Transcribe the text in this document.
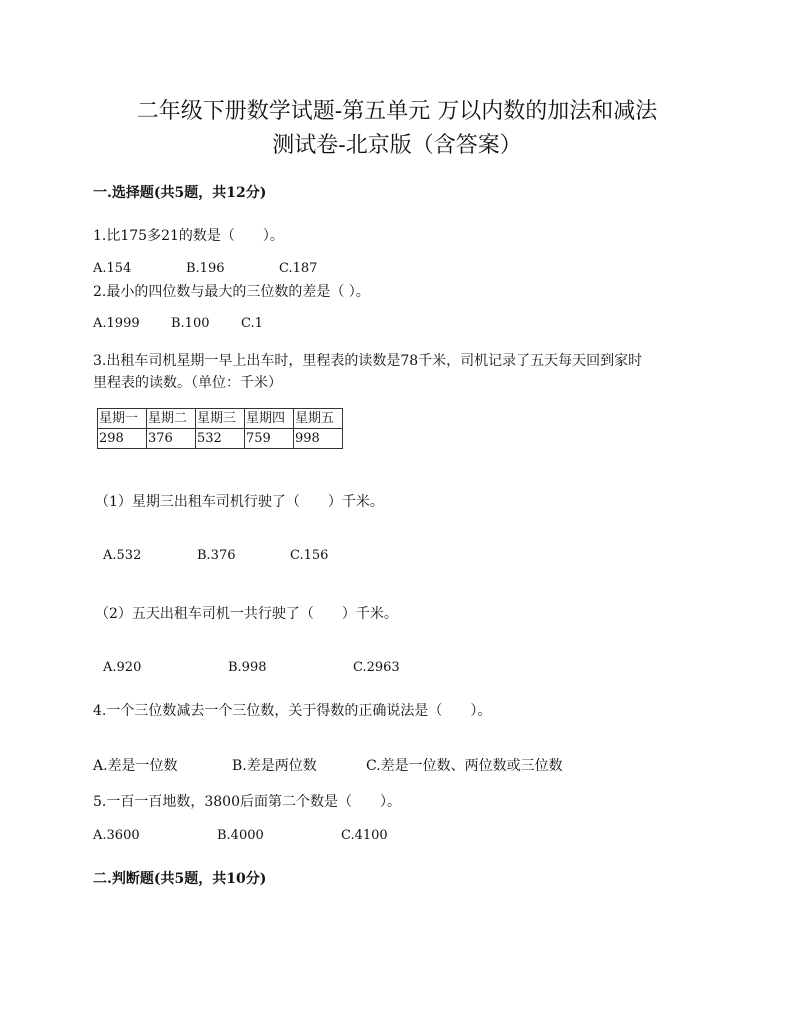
二年级下册数学试题-第五单元 万以内数的加法和减法
测试卷-北京版（含答案）
一.选择题(共5题，共12分)
1.比175多21的数是（　　）。
A.154	B.196	C.187
2.最小的四位数与最大的三位数的差是（ ）。
A.1999 B.100 C.1
3.出租车司机星期一早上出车时，里程表的读数是78千米，司机记录了五天每天回到家时
里程表的读数。（单位：千米）
星期一	星期二	星期三	星期四	星期五
298	376	532	759	998
（1）星期三出租车司机行驶了（　　）千米。
A.532	B.376	C.156
（2）五天出租车司机一共行驶了（　　）千米。
A.920	B.998	C.2963
4.一个三位数减去一个三位数，关于得数的正确说法是（　　）。
A.差是一位数	B.差是两位数	C.差是一位数、两位数或三位数
5.一百一百地数，3800后面第二个数是（　　）。
A.3600	B.4000	C.4100
二.判断题(共5题，共10分)
